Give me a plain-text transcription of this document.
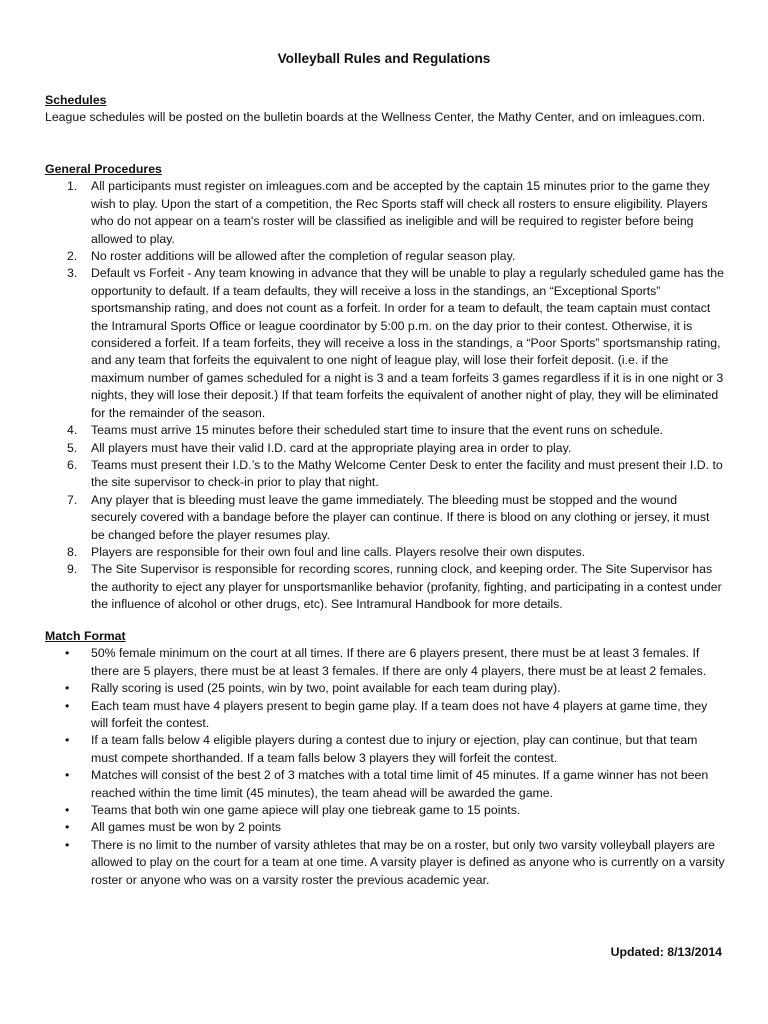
Volleyball Rules and Regulations

Schedules

League schedules will be posted on the bulletin boards at the Wellness Center, the Mathy Center, and on imleagues.com.

General Procedures

1.	All participants must register on imleagues.com and be accepted by the captain 15 minutes prior to the game they wish to play. Upon the start of a competition, the Rec Sports staff will check all rosters to ensure eligibility. Players who do not appear on a team's roster will be classified as ineligible and will be required to register before being allowed to play.
2.	No roster additions will be allowed after the completion of regular season play.
3.	Default vs Forfeit - Any team knowing in advance that they will be unable to play a regularly scheduled game has the opportunity to default. If a team defaults, they will receive a loss in the standings, an “Exceptional Sports” sportsmanship rating, and does not count as a forfeit. In order for a team to default, the team captain must contact the Intramural Sports Office or league coordinator by 5:00 p.m. on the day prior to their contest. Otherwise, it is considered a forfeit. If a team forfeits, they will receive a loss in the standings, a “Poor Sports” sportsmanship rating, and any team that forfeits the equivalent to one night of league play, will lose their forfeit deposit. (i.e. if the maximum number of games scheduled for a night is 3 and a team forfeits 3 games regardless if it is in one night or 3 nights, they will lose their deposit.) If that team forfeits the equivalent of another night of play, they will be eliminated for the remainder of the season.
4.	Teams must arrive 15 minutes before their scheduled start time to insure that the event runs on schedule.
5.	All players must have their valid I.D. card at the appropriate playing area in order to play.
6.	Teams must present their I.D.’s to the Mathy Welcome Center Desk to enter the facility and must present their I.D. to the site supervisor to check-in prior to play that night.
7.	Any player that is bleeding must leave the game immediately. The bleeding must be stopped and the wound securely covered with a bandage before the player can continue. If there is blood on any clothing or jersey, it must be changed before the player resumes play.
8.	Players are responsible for their own foul and line calls. Players resolve their own disputes.
9.	The Site Supervisor is responsible for recording scores, running clock, and keeping order. The Site Supervisor has the authority to eject any player for unsportsmanlike behavior (profanity, fighting, and participating in a contest under the influence of alcohol or other drugs, etc). See Intramural Handbook for more details.

Match Format

• 50% female minimum on the court at all times. If there are 6 players present, there must be at least 3 females. If there are 5 players, there must be at least 3 females. If there are only 4 players, there must be at least 2 females.
• Rally scoring is used (25 points, win by two, point available for each team during play).
• Each team must have 4 players present to begin game play. If a team does not have 4 players at game time, they will forfeit the contest.
• If a team falls below 4 eligible players during a contest due to injury or ejection, play can continue, but that team must compete shorthanded. If a team falls below 3 players they will forfeit the contest.
• Matches will consist of the best 2 of 3 matches with a total time limit of 45 minutes. If a game winner has not been reached within the time limit (45 minutes), the team ahead will be awarded the game.
• Teams that both win one game apiece will play one tiebreak game to 15 points.
• All games must be won by 2 points
• There is no limit to the number of varsity athletes that may be on a roster, but only two varsity volleyball players are allowed to play on the court for a team at one time. A varsity player is defined as anyone who is currently on a varsity roster or anyone who was on a varsity roster the previous academic year.
Updated: 8/13/2014
